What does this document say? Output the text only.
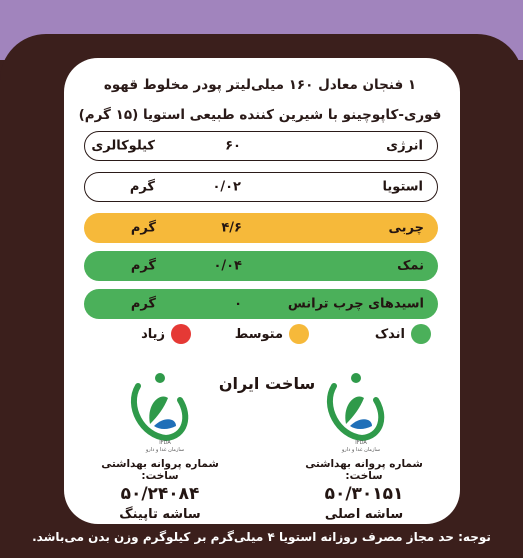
۱ فنجان معادل ۱۶۰ میلی‌لیتر پودر مخلوط قهوه
فوری-کاپوچینو با شیرین کننده طبیعی استویا (۱۵ گرم)
انرژی
۶۰
کیلوکالری
استویا
۰/۰۲
گرم
چربی
۴/۶
گرم
نمک
۰/۰۴
گرم
اسیدهای چرب ترانس
۰
گرم
اندک
متوسط
زیاد
ساخت ایران
IFDA
سازمان غذا و دارو
IFDA
سازمان غذا و دارو
شماره پروانه بهداشتی ساخت:
۵۰/۳۰۱۵۱
ساشه اصلی
شماره پروانه بهداشتی ساخت:
۵۰/۲۴۰۸۴
ساشه تاپینگ
توجه: حد مجاز مصرف روزانه استویا ۴ میلی‌گرم بر کیلوگرم وزن بدن می‌باشد.
